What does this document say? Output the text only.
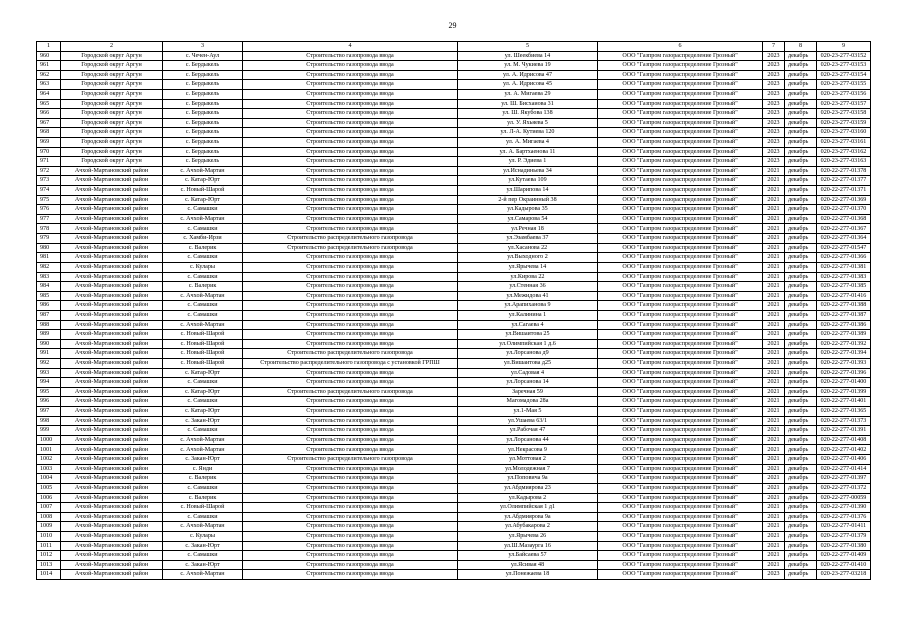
29
1	2	3	4	5	6	7	8	9
960	Городской округ Аргун	с. Чечен-Аул	Строительство газопровода ввода	ул. Шеекбиева 14	ООО "Газпром газораспределение Грозный"	2023	декабрь	020-23-277-03152
961	Городской округ Аргун	с. Бердыкель	Строительство газопровода ввода	ул. М. Чукиева 19	ООО "Газпром газораспределение Грозный"	2023	декабрь	020-23-277-03153
962	Городской округ Аргун	с. Бердыкель	Строительство газопровода ввода	ул. А. Идрисова 47	ООО "Газпром газораспределение Грозный"	2023	декабрь	020-23-277-03154
963	Городской округ Аргун	с. Бердыкель	Строительство газопровода ввода	ул. А. Идрисова 45	ООО "Газпром газораспределение Грозный"	2023	декабрь	020-23-277-03155
964	Городской округ Аргун	с. Бердыкель	Строительство газопровода ввода	ул. А. Мигаева 29	ООО "Газпром газораспределение Грозный"	2023	декабрь	020-23-277-03156
965	Городской округ Аргун	с. Бердыкель	Строительство газопровода ввода	ул. Ш. Бисхаиова 31	ООО "Газпром газораспределение Грозный"	2023	декабрь	020-23-277-03157
966	Городской округ Аргун	с. Бердыкель	Строительство газопровода ввода	ул. Ш. Якубова 138	ООО "Газпром газораспределение Грозный"	2023	декабрь	020-23-277-03158
967	Городской округ Аргун	с. Бердыкель	Строительство газопровода ввода	ул. У. Яхьяева 5	ООО "Газпром газораспределение Грозный"	2023	декабрь	020-23-277-03159
968	Городской округ Аргун	с. Бердыкель	Строительство газопровода ввода	ул. Л-А. Кутиева 120	ООО "Газпром газораспределение Грозный"	2023	декабрь	020-23-277-03160
969	Городской округ Аргун	с. Бердыкель	Строительство газопровода ввода	ул. А. Мигаева 4	ООО "Газпром газораспределение Грозный"	2023	декабрь	020-23-277-03161
970	Городской округ Аргун	с. Бердыкель	Строительство газопровода ввода	ул. А. Бартхаенова 11	ООО "Газпром газораспределение Грозный"	2023	декабрь	020-23-277-03162
971	Городской округ Аргун	с. Бердыкель	Строительство газопровода ввода	ул. Р. Эдиева 1	ООО "Газпром газораспределение Грозный"	2023	декабрь	020-23-277-03163
972	Ачхой-Мартановский район	с. Ачхой-Мартан	Строительство газопровода ввода	ул.Иснадиньева 34	ООО "Газпром газораспределение Грозный"	2021	декабрь	020-22-277-01378
973	Ачхой-Мартановский район	с. Катар-Юрт	Строительство газопровода ввода	ул.Кутаева 109	ООО "Газпром газораспределение Грозный"	2021	декабрь	020-22-277-01377
974	Ачхой-Мартановский район	с. Новый-Шарой	Строительство газопровода ввода	ул.Шарипова 14	ООО "Газпром газораспределение Грозный"	2021	декабрь	020-22-277-01371
975	Ачхой-Мартановский район	с. Катар-Юрт	Строительство газопровода ввода	2-й пер Окраинный 38	ООО "Газпром газораспределение Грозный"	2021	декабрь	020-22-277-01369
976	Ачхой-Мартановский район	с. Самашки	Строительство газопровода ввода	ул.Кадырова 35	ООО "Газпром газораспределение Грозный"	2021	декабрь	020-22-277-01370
977	Ачхой-Мартановский район	с. Ачхой-Мартан	Строительство газопровода ввода	ул.Самарова 54	ООО "Газпром газораспределение Грозный"	2021	декабрь	020-22-277-01368
978	Ачхой-Мартановский район	с. Самашки	Строительство газопровода ввода	ул.Речная 18	ООО "Газпром газораспределение Грозный"	2021	декабрь	020-22-277-01367
979	Ачхой-Мартановский район	с. Хамби-Ирзи	Строительство распределительного газопровода	ул.Эзамбаева 37	ООО "Газпром газораспределение Грозный"	2021	декабрь	020-22-277-01364
980	Ачхой-Мартановский район	с. Валерик	Строительство распределительного газопровода	ул.Хасанова 22	ООО "Газпром газораспределение Грозный"	2021	декабрь	020-22-277-01547
981	Ачхой-Мартановский район	с. Самашки	Строительство газопровода ввода	ул.Выходного 2	ООО "Газпром газораспределение Грозный"	2021	декабрь	020-22-277-01366
982	Ачхой-Мартановский район	с. Кулары	Строительство газопровода ввода	ул.Ярычева 14	ООО "Газпром газораспределение Грозный"	2021	декабрь	020-22-277-01381
983	Ачхой-Мартановский район	с. Самашки	Строительство газопровода ввода	ул.Кирова 22	ООО "Газпром газораспределение Грозный"	2021	декабрь	020-22-277-01383
984	Ачхой-Мартановский район	с. Валерик	Строительство газопровода ввода	ул.Стенная 36	ООО "Газпром газораспределение Грозный"	2021	декабрь	020-22-277-01385
985	Ачхой-Мартановский район	с. Ачхой-Мартан	Строительство газопровода ввода	ул.Межидова 41	ООО "Газпром газораспределение Грозный"	2021	декабрь	020-22-277-01416
986	Ачхой-Мартановский район	с. Самашки	Строительство газопровода ввода	ул.Арапиханова 9	ООО "Газпром газораспределение Грозный"	2021	декабрь	020-22-277-01388
987	Ачхой-Мартановский район	с. Самашки	Строительство газопровода ввода	ул.Калинина 1	ООО "Газпром газораспределение Грозный"	2021	декабрь	020-22-277-01387
988	Ачхой-Мартановский район	с. Ачхой-Мартан	Строительство газопровода ввода	ул.Сагаева 4	ООО "Газпром газораспределение Грозный"	2021	декабрь	020-22-277-01386
989	Ачхой-Мартановский район	с. Новый-Шарой	Строительство газопровода ввода	ул.Вишаитова 25	ООО "Газпром газораспределение Грозный"	2021	декабрь	020-22-277-01389
990	Ачхой-Мартановский район	с. Новый-Шарой	Строительство газопровода ввода	ул.Олимпийская 1 д.6	ООО "Газпром газораспределение Грозный"	2021	декабрь	020-22-277-01392
991	Ачхой-Мартановский район	с. Новый-Шарой	Строительство распределительного газопровода	ул.Лорсанова д9	ООО "Газпром газораспределение Грозный"	2021	декабрь	020-22-277-01394
992	Ачхой-Мартановский район	с. Новый-Шарой	Строительство распределительного газопровода с установкой ГРПШ	ул.Вишаитова д25	ООО "Газпром газораспределение Грозный"	2021	декабрь	020-22-277-01393
993	Ачхой-Мартановский район	с. Катар-Юрт	Строительство газопровода ввода	ул.Садовая 4	ООО "Газпром газораспределение Грозный"	2021	декабрь	020-22-277-01396
994	Ачхой-Мартановский район	с. Самашки	Строительство газопровода ввода	ул.Лорсанова 14	ООО "Газпром газораспределение Грозный"	2021	декабрь	020-22-277-01400
995	Ачхой-Мартановский район	с. Катар-Юрт	Строительство распределительного газопровода	Заречная 59	ООО "Газпром газораспределение Грозный"	2021	декабрь	020-22-277-01399
996	Ачхой-Мартановский район	с. Самашки	Строительство газопровода ввода	Магомадова 28а	ООО "Газпром газораспределение Грозный"	2021	декабрь	020-22-277-01401
997	Ачхой-Мартановский район	с. Катар-Юрт	Строительство газопровода ввода	ул.1-Мая 5	ООО "Газпром газораспределение Грозный"	2021	декабрь	020-22-277-01365
998	Ачхой-Мартановский район	с. Закан-Юрт	Строительство газопровода ввода	ул.Ушаева 63/1	ООО "Газпром газораспределение Грозный"	2021	декабрь	020-22-277-01373
999	Ачхой-Мартановский район	с. Самашки	Строительство газопровода ввода	ул.Рабочая 47	ООО "Газпром газораспределение Грозный"	2021	декабрь	020-22-277-01391
1000	Ачхой-Мартановский район	с. Ачхой-Мартан	Строительство газопровода ввода	ул.Лорсанова 44	ООО "Газпром газораспределение Грозный"	2021	декабрь	020-22-277-01408
1001	Ачхой-Мартановский район	с. Ачхой-Мартан	Строительство газопровода ввода	ул.Некрасова 9	ООО "Газпром газораспределение Грозный"	2021	декабрь	020-22-277-01402
1002	Ачхой-Мартановский район	с. Закан-Юрт	Строительство распределительного газопровода	ул.Моттовая 2	ООО "Газпром газораспределение Грозный"	2021	декабрь	020-22-277-01406
1003	Ачхой-Мартановский район	с. Янди	Строительство газопровода ввода	ул.Молодежная 7	ООО "Газпром газораспределение Грозный"	2021	декабрь	020-22-277-01414
1004	Ачхой-Мартановский район	с. Валерик	Строительство газопровода ввода	ул.Поповича 9а	ООО "Газпром газораспределение Грозный"	2021	декабрь	020-22-277-01397
1005	Ачхой-Мартановский район	с. Самашки	Строительство газопровода ввода	ул.Абдмиярова 23	ООО "Газпром газораспределение Грозный"	2021	декабрь	020-22-277-01372
1006	Ачхой-Мартановский район	с. Валерик	Строительство газопровода ввода	ул.Кадырова 2	ООО "Газпром газораспределение Грозный"	2021	декабрь	020-22-277-00059
1007	Ачхой-Мартановский район	с. Новый-Шарой	Строительство газопровода ввода	ул.Олимпийская 1 д1	ООО "Газпром газораспределение Грозный"	2021	декабрь	020-22-277-01390
1008	Ачхой-Мартановский район	с. Самашки	Строительство газопровода ввода	ул.Абдмиярова 9а	ООО "Газпром газораспределение Грозный"	2021	декабрь	020-22-277-01376
1009	Ачхой-Мартановский район	с. Ачхой-Мартан	Строительство газопровода ввода	ул.Абубакарова 2	ООО "Газпром газораспределение Грозный"	2021	декабрь	020-22-277-01411
1010	Ачхой-Мартановский район	с. Кулары	Строительство газопровода ввода	ул.Ярычева 26	ООО "Газпром газораспределение Грозный"	2021	декабрь	020-22-277-01379
1011	Ачхой-Мартановский район	с. Закан-Юрт	Строительство газопровода ввода	ул.Ш.Мазаурга 16	ООО "Газпром газораспределение Грозный"	2021	декабрь	020-22-277-01380
1012	Ачхой-Мартановский район	с. Самашки	Строительство газопровода ввода	ул.Байсаева 57	ООО "Газпром газораспределение Грозный"	2021	декабрь	020-22-277-01409
1013	Ачхой-Мартановский район	с. Закан-Юрт	Строительство газопровода ввода	ул.Ясивая 48	ООО "Газпром газораспределение Грозный"	2021	декабрь	020-22-277-01410
1014	Ачхой-Мартановский район	с. Ачхой-Мартан	Строительство газопровода ввода	ул.Понежаева 18	ООО "Газпром газораспределение Грозный"	2023	декабрь	020-23-277-03218
